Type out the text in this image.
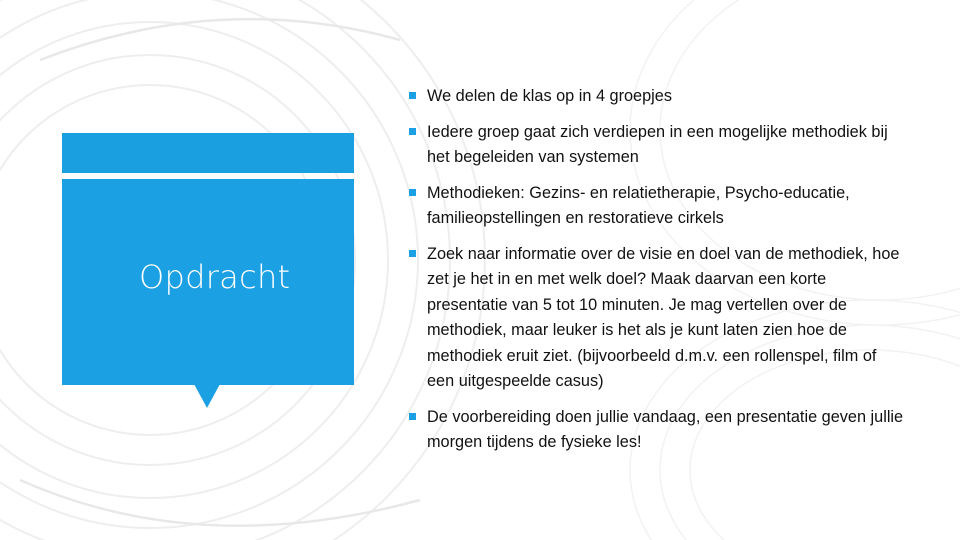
Opdracht
We delen de klas op in 4 groepjes
Iedere groep gaat zich verdiepen in een mogelijke methodiek bij het begeleiden van systemen
Methodieken: Gezins- en relatietherapie, Psycho-educatie, familieopstellingen en restoratieve cirkels
Zoek naar informatie over de visie en doel van de methodiek, hoe zet je het in en met welk doel? Maak daarvan een korte presentatie van 5 tot 10 minuten. Je mag vertellen over de methodiek, maar leuker is het als je kunt laten zien hoe de methodiek eruit ziet. (bijvoorbeeld d.m.v. een rollenspel, film of een uitgespeelde casus)
De voorbereiding doen jullie vandaag, een presentatie geven jullie morgen tijdens de fysieke les!
